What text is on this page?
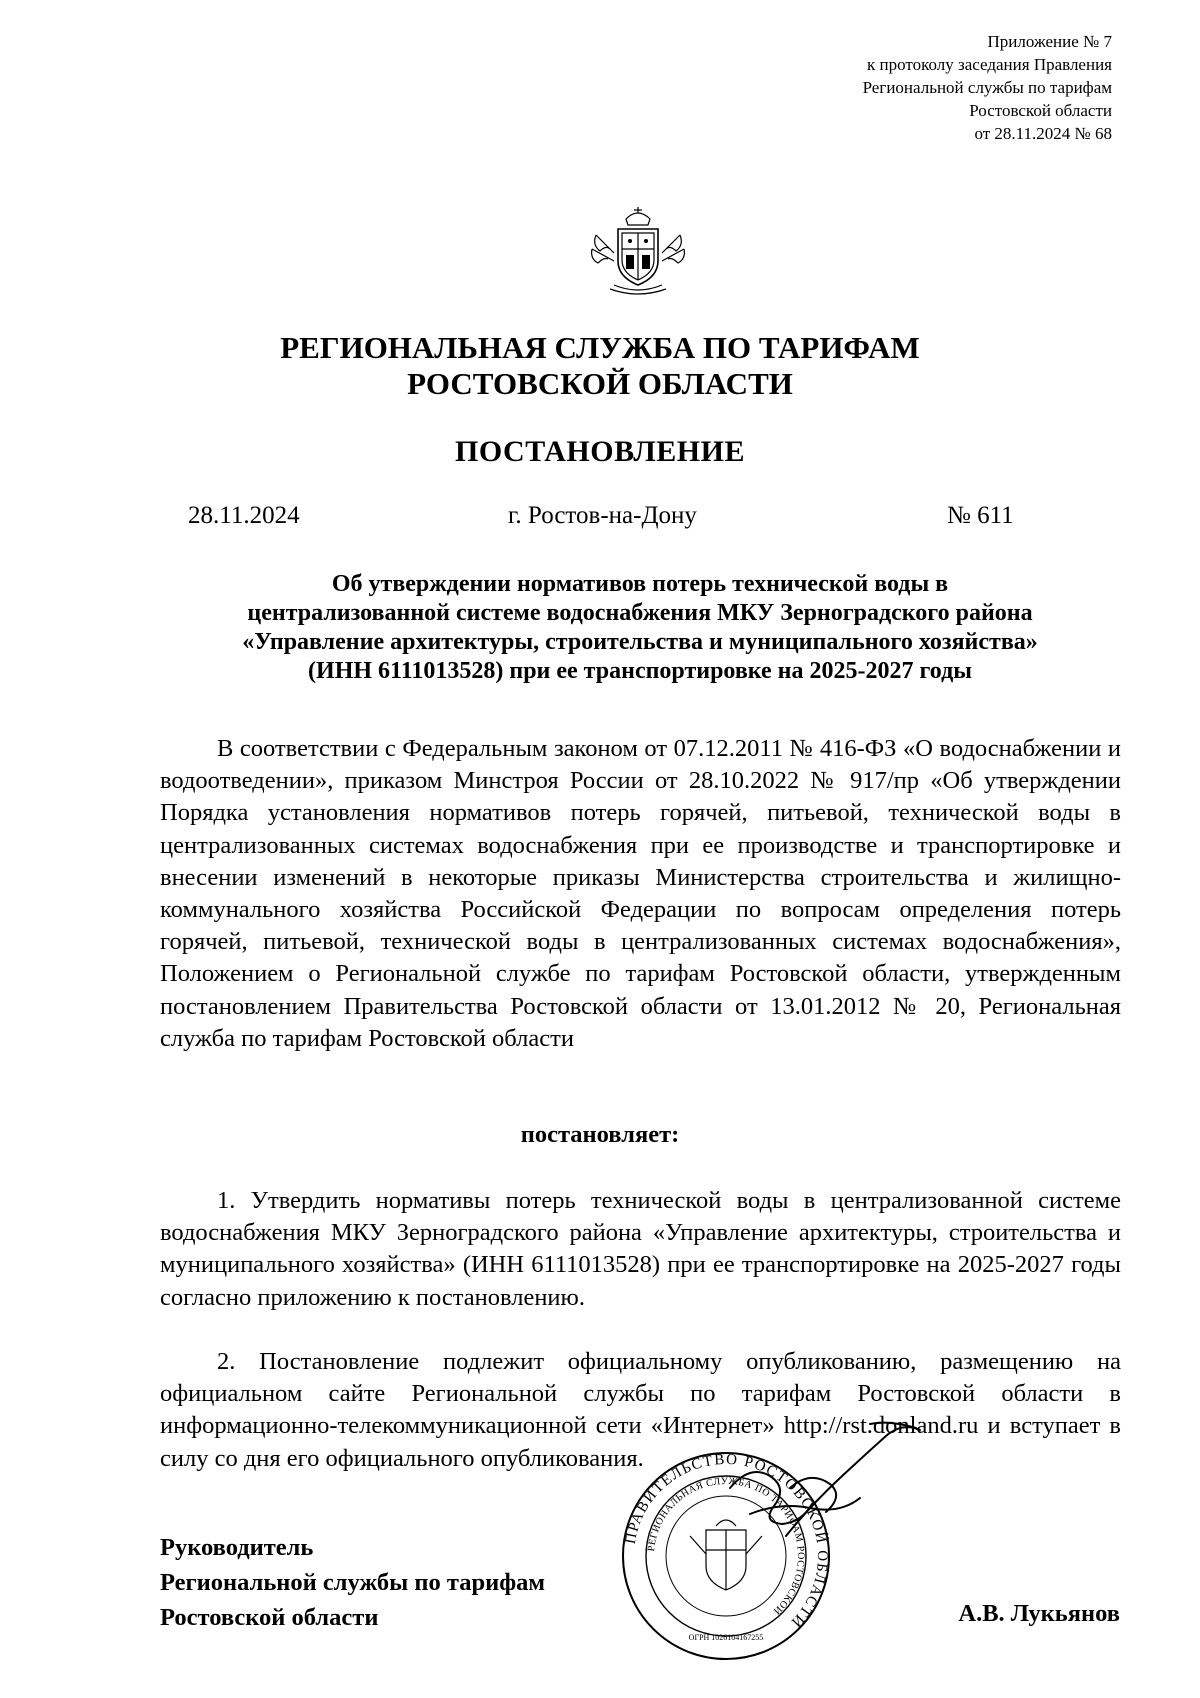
Приложение № 7
к протоколу заседания Правления
Региональной службы по тарифам
Ростовской области
от 28.11.2024 № 68
РЕГИОНАЛЬНАЯ СЛУЖБА ПО ТАРИФАМ
РОСТОВСКОЙ ОБЛАСТИ
ПОСТАНОВЛЕНИЕ
28.11.2024	г. Ростов-на-Дону	№ 611
Об утверждении нормативов потерь технической воды в
централизованной системе водоснабжения МКУ Зерноградского района
«Управление архитектуры, строительства и муниципального хозяйства»
(ИНН 6111013528) при ее транспортировке на 2025-2027 годы
В соответствии с Федеральным законом от 07.12.2011 № 416-ФЗ «О водоснабжении и водоотведении», приказом Минстроя России от 28.10.2022 № 917/пр «Об утверждении Порядка установления нормативов потерь горячей, питьевой, технической воды в централизованных системах водоснабжения при ее производстве и транспортировке и внесении изменений в некоторые приказы Министерства строительства и жилищно-коммунального хозяйства Российской Федерации по вопросам определения потерь горячей, питьевой, технической воды в централизованных системах водоснабжения», Положением о Региональной службе по тарифам Ростовской области, утвержденным постановлением Правительства Ростовской области от 13.01.2012 № 20, Региональная служба по тарифам Ростовской области
постановляет:
1. Утвердить нормативы потерь технической воды в централизованной системе водоснабжения МКУ Зерноградского района «Управление архитектуры, строительства и муниципального хозяйства» (ИНН 6111013528) при ее транспортировке на 2025-2027 годы согласно приложению к постановлению.
2. Постановление подлежит официальному опубликованию, размещению на официальном сайте Региональной службы по тарифам Ростовской области в информационно-телекоммуникационной сети «Интернет» http://rst.donland.ru и вступает в силу со дня его официального опубликования.
Руководитель
Региональной службы по тарифам
Ростовской области	А.В. Лукьянов
ПРАВИТЕЛЬСТВО РОСТОВСКОЙ ОБЛАСТИ
РЕГИОНАЛЬНАЯ СЛУЖБА ПО ТАРИФАМ РОСТОВСКОЙ
ОГРН 1026104167255
